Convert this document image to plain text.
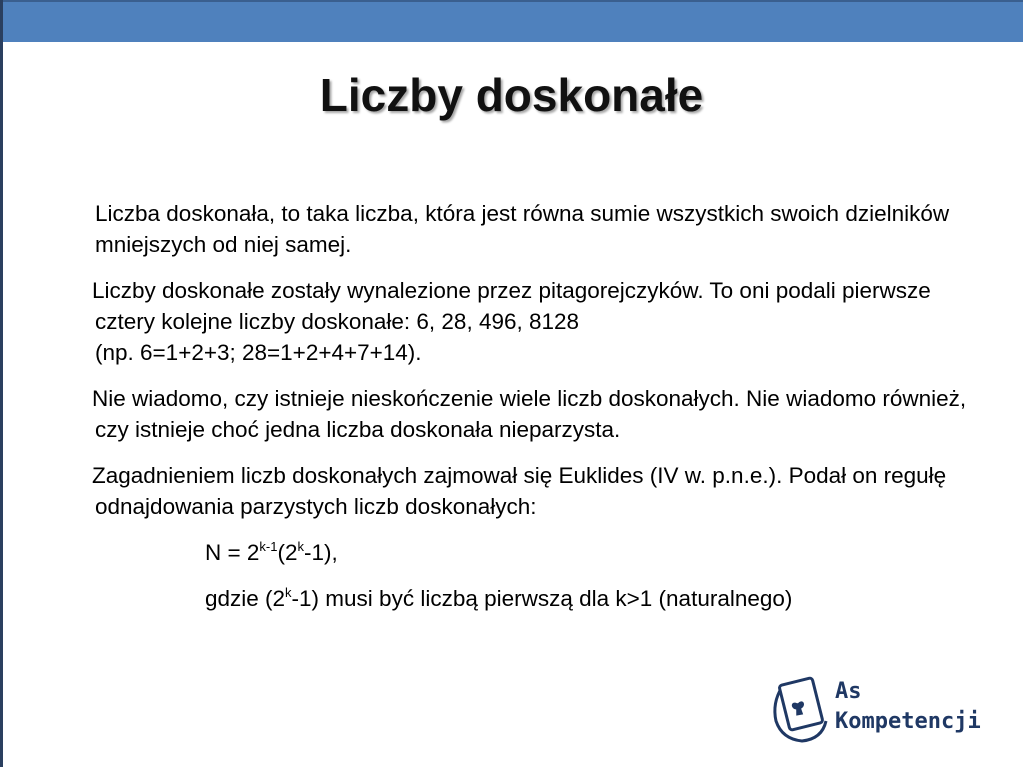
Liczby doskonałe

Liczba doskonała, to taka liczba, która jest równa sumie wszystkich swoich dzielników mniejszych od niej samej.

Liczby doskonałe zostały wynalezione przez pitagorejczyków. To oni podali pierwsze cztery kolejne liczby doskonałe: 6, 28, 496, 8128

(np. 6=1+2+3; 28=1+2+4+7+14).

Nie wiadomo, czy istnieje nieskończenie wiele liczb doskonałych. Nie wiadomo również, czy istnieje choć jedna liczba doskonała nieparzysta.

Zagadnieniem liczb doskonałych zajmował się Euklides (IV w. p.n.e.). Podał on regułę odnajdowania parzystych liczb doskonałych:

$N = 2^{k-1}(2^k-1)$,

gdzie (2$^k$-1) musi być liczbą pierwszą dla k>1 (naturalnego)

As
Kompetencji
